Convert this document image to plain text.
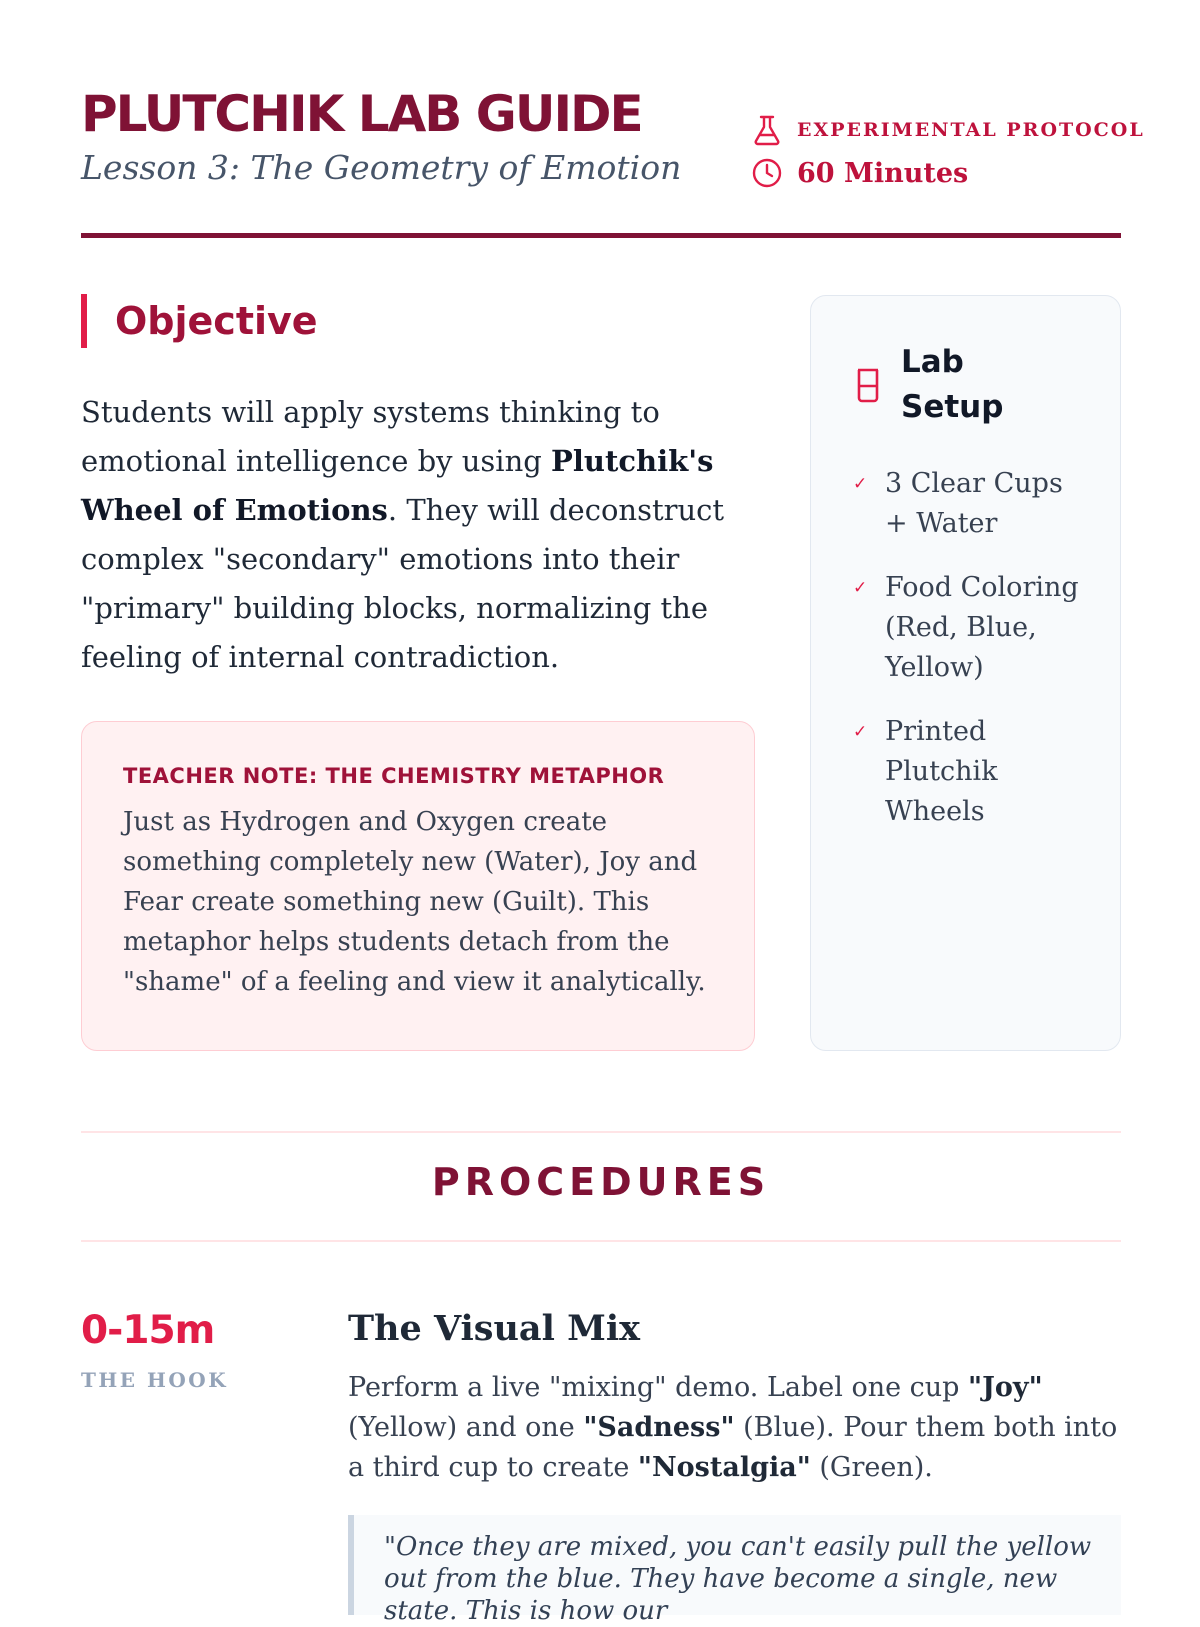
PLUTCHIK LAB GUIDE
Lesson 3: The Geometry of Emotion
EXPERIMENTAL PROTOCOL
60 Minutes
Objective

Students will apply systems thinking to emotional intelligence by using Plutchik's Wheel of Emotions. They will deconstruct complex "secondary" emotions into their "primary" building blocks, normalizing the feeling of internal contradiction.

TEACHER NOTE: THE CHEMISTRY METAPHOR

Just as Hydrogen and Oxygen create something completely new (Water), Joy and Fear create something new (Guilt). This metaphor helps students detach from the "shame" of a feeling and view it analytically.

Lab Setup
✓ 3 Clear Cups + Water
✓ Food Coloring (Red, Blue, Yellow)
✓ Printed Plutchik Wheels
PROCEDURES
0-15m
THE HOOK
The Visual Mix

Perform a live "mixing" demo. Label one cup "Joy" (Yellow) and one "Sadness" (Blue). Pour them both into a third cup to create "Nostalgia" (Green).

"Once they are mixed, you can't easily pull the yellow out from the blue. They have become a single, new state. This is how our
